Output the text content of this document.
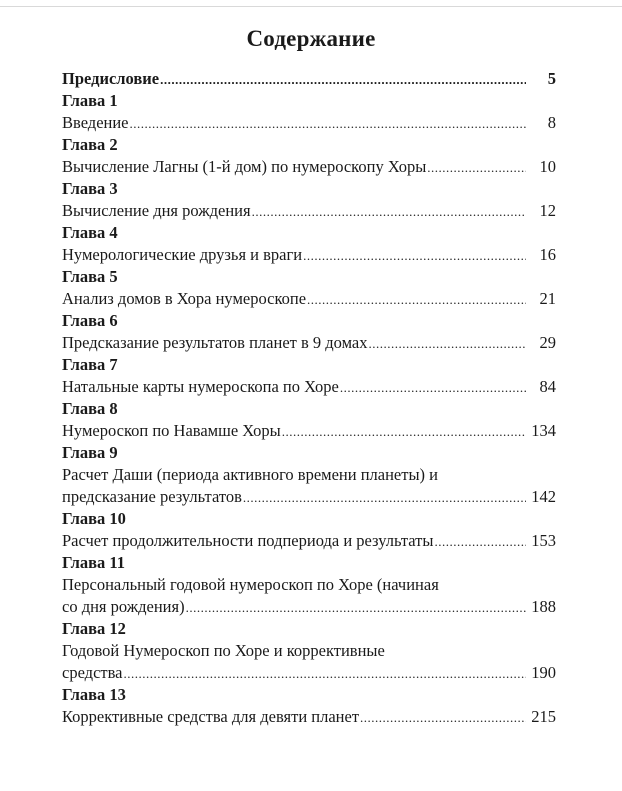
Содержание
Предисловие .....	5
Глава 1
Введение .....	8
Глава 2
Вычисление Лагны (1-й дом) по нумероскопу Хоры .....	10
Глава 3
Вычисление дня рождения .....	12
Глава 4
Нумерологические друзья и враги .....	16
Глава 5
Анализ домов в Хора нумероскопе .....	21
Глава 6
Предсказание результатов планет в 9 домах .....	29
Глава 7
Натальные карты нумероскопа по Хоре .....	84
Глава 8
Нумероскоп по Навамше Хоры .....	134
Глава 9
Расчет Даши (периода активного времени планеты) и
предсказание результатов .....	142
Глава 10
Расчет продолжительности подпериода и результаты .....	153
Глава 11
Персональный годовой нумероскоп по Хоре (начиная
со дня рождения) .....	188
Глава 12
Годовой Нумероскоп по Хоре и коррективные
средства .....	190
Глава 13
Коррективные средства для девяти планет .....	215
